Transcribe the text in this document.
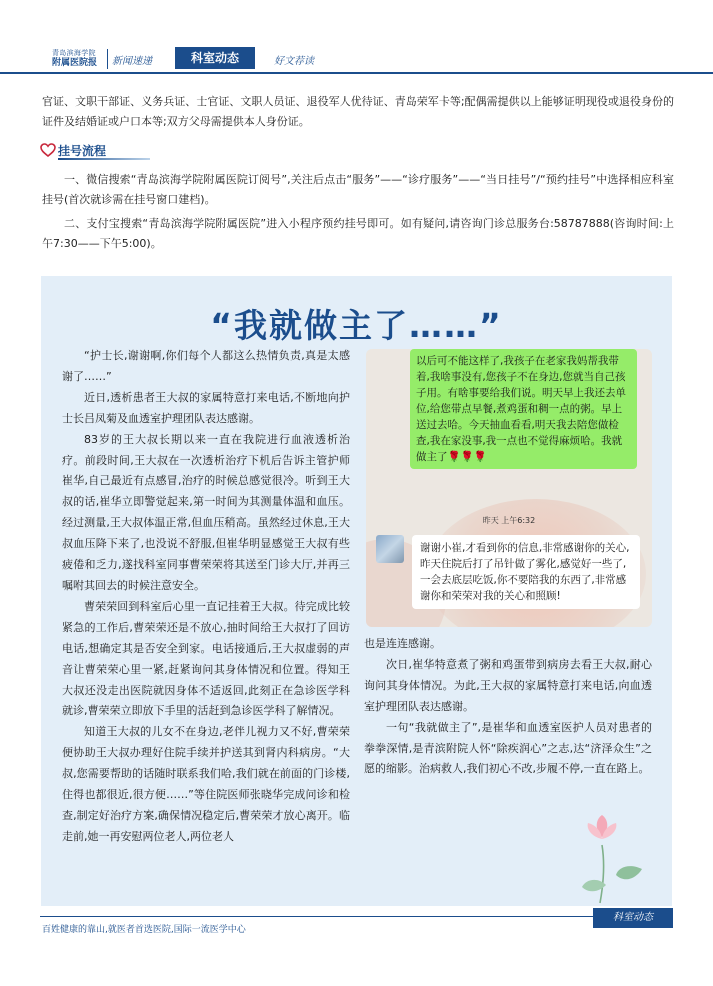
青岛滨海学院
附属医院报	新闻速递	科室动态	好文荐读

官证、文职干部证、义务兵证、士官证、文职人员证、退役军人优待证、青岛荣军卡等;配偶需提供以上能够证明现役或退役身份的证件及结婚证或户口本等;双方父母需提供本人身份证。

挂号流程

一、微信搜索“青岛滨海学院附属医院订阅号”,关注后点击“服务”——“诊疗服务”——“当日挂号”/“预约挂号”中选择相应科室挂号(首次就诊需在挂号窗口建档)。

二、支付宝搜索“青岛滨海学院附属医院”进入小程序预约挂号即可。如有疑问,请咨询门诊总服务台:58787888(咨询时间:上午7:30——下午5:00)。

“我就做主了……”

“护士长,谢谢啊,你们每个人都这么热情负责,真是太感谢了……”

近日,透析患者王大叔的家属特意打来电话,不断地向护士长吕凤菊及血透室护理团队表达感谢。

83岁的王大叔长期以来一直在我院进行血液透析治疗。前段时间,王大叔在一次透析治疗下机后告诉主管护师崔华,自己最近有点感冒,治疗的时候总感觉很冷。听到王大叔的话,崔华立即警觉起来,第一时间为其测量体温和血压。经过测量,王大叔体温正常,但血压稍高。虽然经过休息,王大叔血压降下来了,也没说不舒服,但崔华明显感觉王大叔有些疲倦和乏力,遂找科室同事曹荣荣将其送至门诊大厅,并再三嘱咐其回去的时候注意安全。

曹荣荣回到科室后心里一直记挂着王大叔。待完成比较紧急的工作后,曹荣荣还是不放心,抽时间给王大叔打了回访电话,想确定其是否安全到家。电话接通后,王大叔虚弱的声音让曹荣荣心里一紧,赶紧询问其身体情况和位置。得知王大叔还没走出医院就因身体不适返回,此刻正在急诊医学科就诊,曹荣荣立即放下手里的活赶到急诊医学科了解情况。

知道王大叔的儿女不在身边,老伴儿视力又不好,曹荣荣便协助王大叔办理好住院手续并护送其到肾内科病房。“大叔,您需要帮助的话随时联系我们哈,我们就在前面的门诊楼,住得也都很近,很方便……”等住院医师张晓华完成问诊和检查,制定好治疗方案,确保情况稳定后,曹荣荣才放心离开。临走前,她一再安慰两位老人,两位老人

以后可不能这样了,我孩子在老家我妈帮我带着,我啥事没有,您孩子不在身边,您就当自己孩子用。有啥事要给我们说。明天早上我还去单位,给您带点早餐,煮鸡蛋和稠一点的粥。早上送过去哈。今天抽血看看,明天我去陪您做检查,我在家没事,我一点也不觉得麻烦哈。我就做主了🌹🌹🌹
昨天 上午6:32
谢谢小崔,才看到你的信息,非常感谢你的关心,昨天住院后打了吊针做了雾化,感觉好一些了,一会去底层吃饭,你不要陪我的东西了,非常感谢你和荣荣对我的关心和照顾!

也是连连感谢。

次日,崔华特意煮了粥和鸡蛋带到病房去看王大叔,耐心询问其身体情况。为此,王大叔的家属特意打来电话,向血透室护理团队表达感谢。

一句“我就做主了”,是崔华和血透室医护人员对患者的拳拳深情,是青滨附院人怀“除疾润心”之志,达“济泽众生”之愿的缩影。治病救人,我们初心不改,步履不停,一直在路上。

科室动态
百姓健康的靠山,就医者首选医院,国际一流医学中心
